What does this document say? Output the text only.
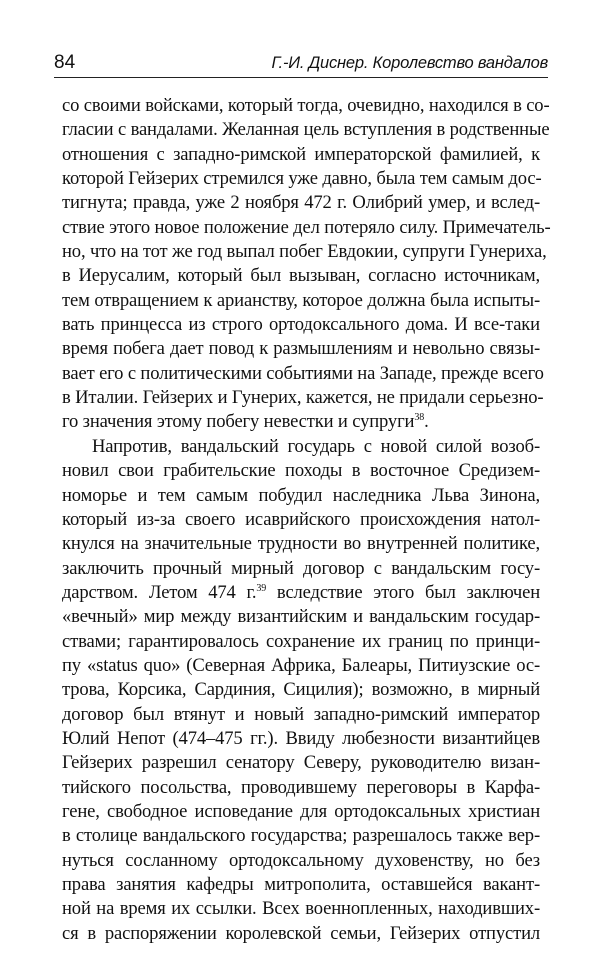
84	Г.-И. Диснер. Королевство вандалов
со своими войсками, который тогда, очевидно, находился в со-
гласии с вандалами. Желанная цель вступления в родственные
отношения с западно-римской императорской фамилией, к
которой Гейзерих стремился уже давно, была тем самым дос-
тигнута; правда, уже 2 ноября 472 г. Олибрий умер, и вслед-
ствие этого новое положение дел потеряло силу. Примечатель-
но, что на тот же год выпал побег Евдокии, супруги Гунериха,
в Иерусалим, который был вызыван, согласно источникам,
тем отвращением к арианству, которое должна была испыты-
вать принцесса из строго ортодоксального дома. И все-таки
время побега дает повод к размышлениям и невольно связы-
вает его с политическими событиями на Западе, прежде всего
в Италии. Гейзерих и Гунерих, кажется, не придали серьезно-
го значения этому побегу невестки и супруги$^{38}$.
Напротив, вандальский государь с новой силой возоб-
новил свои грабительские походы в восточное Средизем-
номорье и тем самым побудил наследника Льва Зинона,
который из-за своего исаврийского происхождения натол-
кнулся на значительные трудности во внутренней политике,
заключить прочный мирный договор с вандальским госу-
дарством. Летом 474 г.$^{39}$ вследствие этого был заключен
«вечный» мир между византийским и вандальским государ-
ствами; гарантировалось сохранение их границ по принци-
пу «status quo» (Северная Африка, Балеары, Питиузские ос-
трова, Корсика, Сардиния, Сицилия); возможно, в мирный
договор был втянут и новый западно-римский император
Юлий Непот (474–475 гг.). Ввиду любезности византийцев
Гейзерих разрешил сенатору Северу, руководителю визан-
тийского посольства, проводившему переговоры в Карфа-
гене, свободное исповедание для ортодоксальных христиан
в столице вандальского государства; разрешалось также вер-
нуться сосланному ортодоксальному духовенству, но без
права занятия кафедры митрополита, оставшейся вакант-
ной на время их ссылки. Всех военнопленных, находивших-
ся в распоряжении королевской семьи, Гейзерих отпустил
